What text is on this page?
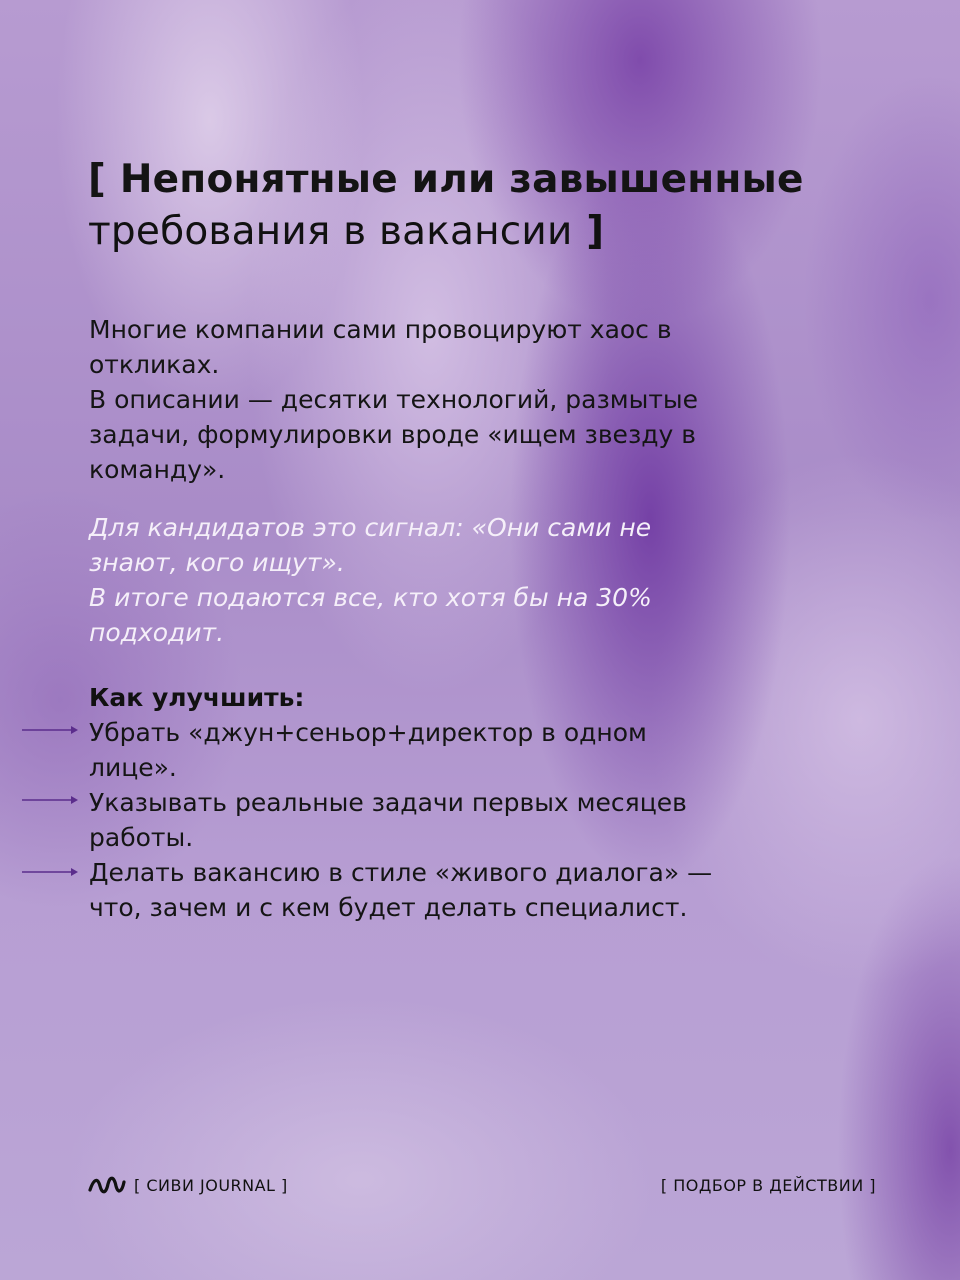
[ Непонятные или завышенные
требования в вакансии ]
Многие компании сами провоцируют хаос в
откликах.
В описании — десятки технологий, размытые
задачи, формулировки вроде «ищем звезду в
команду».
Для кандидатов это сигнал: «Они сами не
знают, кого ищут».
В итоге подаются все, кто хотя бы на 30%
подходит.
Как улучшить:
Убрать «джун+сеньор+директор в одном
лице».
Указывать реальные задачи первых месяцев
работы.
Делать вакансию в стиле «живого диалога» —
что, зачем и с кем будет делать специалист.
[ СИВИ JOURNAL ]	[ ПОДБОР В ДЕЙСТВИИ ]
